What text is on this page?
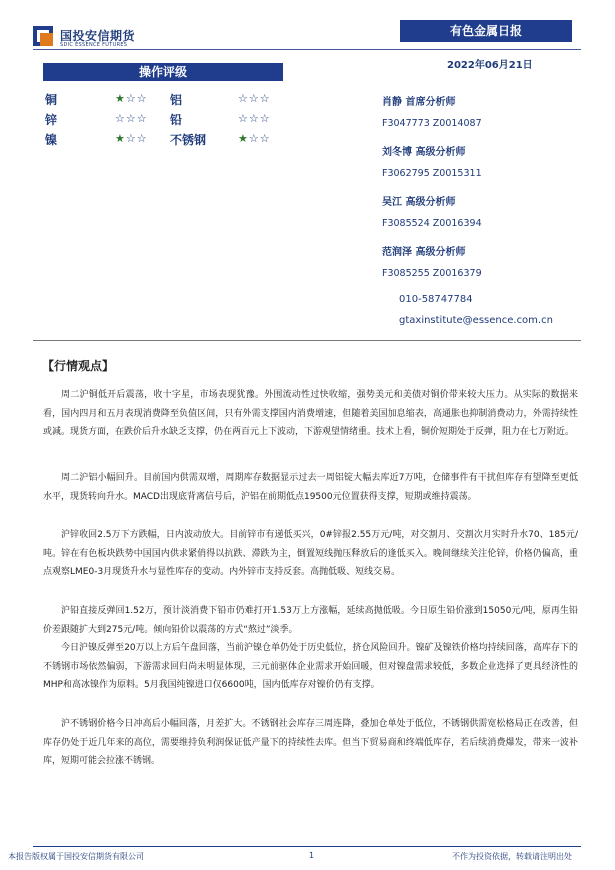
国投安信期货
SDIC ESSENCE FUTURES
有色金属日报
2022年06月21日
操作评级
铜	★☆☆ 铝	☆☆☆
锌	☆☆☆ 铅	☆☆☆
镍	★☆☆ 不锈钢	★☆☆
肖静 首席分析师
F3047773 Z0014087
刘冬博 高级分析师
F3062795 Z0015311
吴江 高级分析师
F3085524 Z0016394
范润泽 高级分析师
F3085255 Z0016379
010-58747784
gtaxinstitute@essence.com.cn
【行情观点】

周二沪铜低开后震荡，收十字星，市场表现犹豫。外围流动性过快收缩，强势美元和美债对铜价带来较大压力。从实际的数据来看，国内四月和五月表现消费降至负值区间，只有外需支撑国内消费增速，但随着美国加息缩表，高通胀也抑制消费动力，外需持续性或减。现货方面，在跌价后升水缺乏支撑，仍在两百元上下波动，下游观望情绪重。技术上看，铜价短期处于反弹，阻力在七万附近。

周二沪铝小幅回升。目前国内供需双增，周期库存数据显示过去一周铝锭大幅去库近7万吨，仓储事件有干扰但库存有望降至更低水平，现货转向升水。MACD出现底背离信号后，沪铝在前期低点19500元位置获得支撑，短期或维持震荡。

沪锌收回2.5万下方跌幅，日内波动放大。目前锌市有递低买兴，0#锌报2.55万元/吨，对交割月、交割次月实时升水70、185元/吨。锌在有色板块跌势中国国内供求紧俏得以抗跌、滞跌为主，倒置短线抛压释放后的逢低买入。晚间继续关注伦锌，价格仍偏高，重点观察LME0-3月现货升水与显性库存的变动。内外锌市支持反套。高抛低吸、短线交易。

沪铅直接反弹回1.52万，预计淡消费下铅市仍难打开1.53万上方涨幅，延续高抛低吸。今日原生铅价涨到15050元/吨，原再生铅价差跟随扩大到275元/吨。倾向铅价以震荡的方式“熬过”淡季。

今日沪镍反弹至20万以上方后午盘回落，当前沪镍仓单仍处于历史低位，挤仓风险回升。镍矿及镍铁价格均持续回落，高库存下的不锈钢市场依然偏弱，下游需求回归尚未明显体现，三元前驱体企业需求开始回暖，但对镍盘需求较低，多数企业选择了更具经济性的MHP和高冰镍作为原料。5月我国纯镍进口仅6600吨，国内低库存对镍价仍有支撑。

沪不锈钢价格今日冲高后小幅回落，月差扩大。不锈钢社会库存三周连降，叠加仓单处于低位，不锈钢供需宽松格局正在改善，但库存仍处于近几年来的高位，需要维持负利润保证低产量下的持续性去库。但当下贸易商和终端低库存，若后续消费爆发，带来一波补库，短期可能会拉涨不锈钢。

本报告版权属于国投安信期货有限公司	1	不作为投资依据，转载请注明出处
